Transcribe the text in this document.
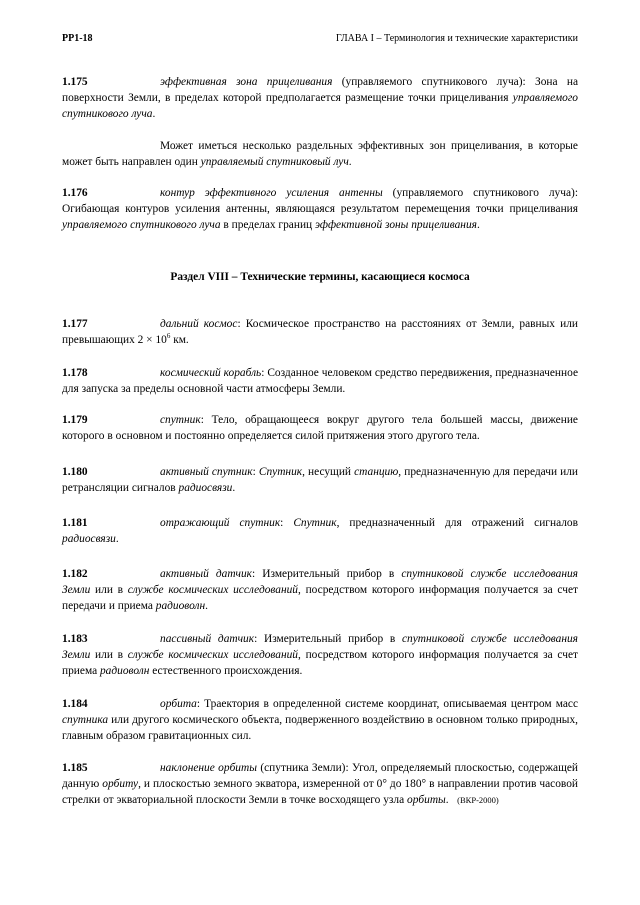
PP1-18	ГЛАВА I – Терминология и технические характеристики
1.175	эффективная зона прицеливания (управляемого спутникового луча): Зона на поверхности Земли, в пределах которой предполагается размещение точки прицеливания управляемого спутникового луча.
Может иметься несколько раздельных эффективных зон прицеливания, в которые может быть направлен один управляемый спутниковый луч.
1.176	контур эффективного усиления антенны (управляемого спутникового луча): Огибающая контуров усиления антенны, являющаяся результатом перемещения точки прицеливания управляемого спутникового луча в пределах границ эффективной зоны прицеливания.
Раздел VIII – Технические термины, касающиеся космоса
1.177	дальний космос: Космическое пространство на расстояниях от Земли, равных или превышающих $2 \times 10^6$ км.
1.178	космический корабль: Созданное человеком средство передвижения, предназначенное для запуска за пределы основной части атмосферы Земли.
1.179	спутник: Тело, обращающееся вокруг другого тела большей массы, движение которого в основном и постоянно определяется силой притяжения этого другого тела.
1.180	активный спутник: Спутник, несущий станцию, предназначенную для передачи или ретрансляции сигналов радиосвязи.
1.181	отражающий спутник: Спутник, предназначенный для отражений сигналов радиосвязи.
1.182	активный датчик: Измерительный прибор в спутниковой службе исследования Земли или в службе космических исследований, посредством которого информация получается за счет передачи и приема радиоволн.
1.183	пассивный датчик: Измерительный прибор в спутниковой службе исследования Земли или в службе космических исследований, посредством которого информация получается за счет приема радиоволн естественного происхождения.
1.184	орбита: Траектория в определенной системе координат, описываемая центром масс спутника или другого космического объекта, подверженного воздействию в основном только природных, главным образом гравитационных сил.
1.185	наклонение орбиты (спутника Земли): Угол, определяемый плоскостью, содержащей данную орбиту, и плоскостью земного экватора, измеренной от 0° до 180° в направлении против часовой стрелки от экваториальной плоскости Земли в точке восходящего узла орбиты. (ВКР-2000)
